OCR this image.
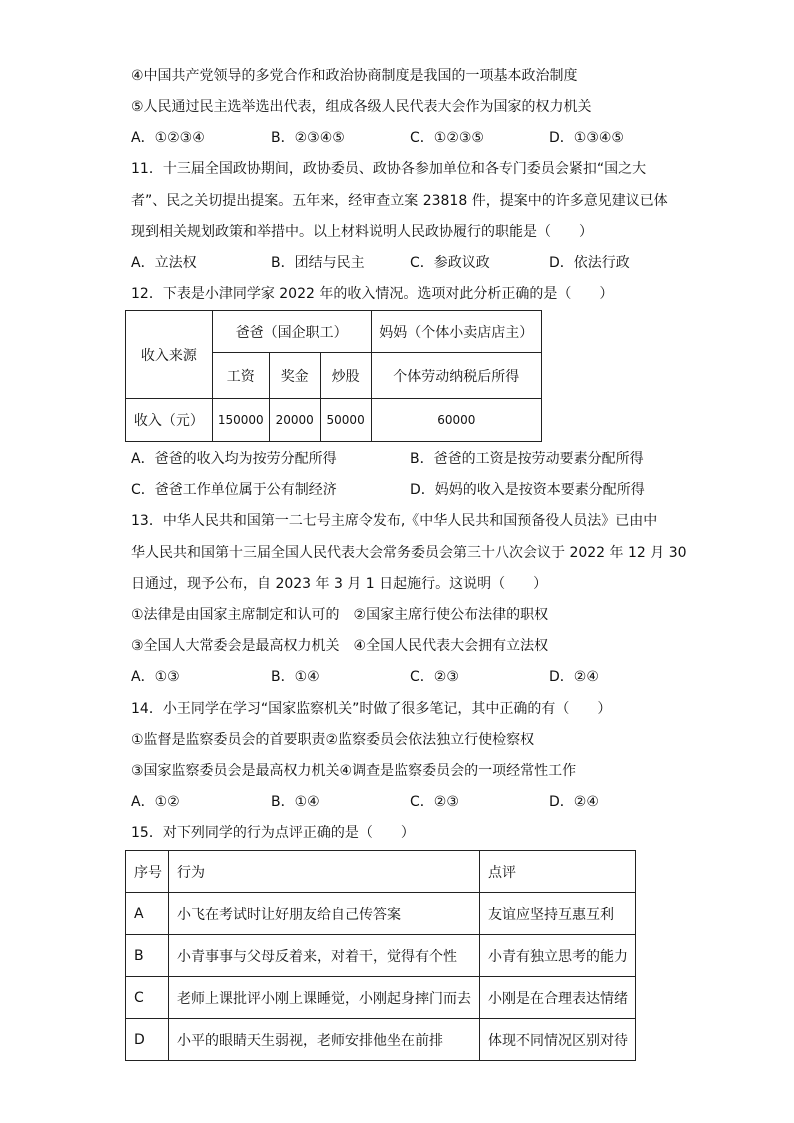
④中国共产党领导的多党合作和政治协商制度是我国的一项基本政治制度
⑤人民通过民主选举选出代表，组成各级人民代表大会作为国家的权力机关
A．①②③④	B．②③④⑤	C．①②③⑤	D．①③④⑤
11．十三届全国政协期间，政协委员、政协各参加单位和各专门委员会紧扣“国之大
者”、民之关切提出提案。五年来，经审查立案 23818 件，提案中的许多意见建议已体
现到相关规划政策和举措中。以上材料说明人民政协履行的职能是（　　）
A．立法权	B．团结与民主	C．参政议政	D．依法行政
12．下表是小津同学家 2022 年的收入情况。选项对此分析正确的是（　　）
收入来源	爸爸（国企职工）			妈妈（个体小卖店店主）
	工资	奖金	炒股	个体劳动纳税后所得
收入（元）	150000	20000	50000	60000
A．爸爸的收入均为按劳分配所得	B．爸爸的工资是按劳动要素分配所得
C．爸爸工作单位属于公有制经济	D．妈妈的收入是按资本要素分配所得
13．中华人民共和国第一二七号主席令发布,《中华人民共和国预备役人员法》已由中
华人民共和国第十三届全国人民代表大会常务委员会第三十八次会议于 2022 年 12 月 30
日通过，现予公布，自 2023 年 3 月 1 日起施行。这说明（　　）
①法律是由国家主席制定和认可的　②国家主席行使公布法律的职权
③全国人大常委会是最高权力机关　④全国人民代表大会拥有立法权
A．①③	B．①④	C．②③	D．②④
14．小王同学在学习“国家监察机关”时做了很多笔记，其中正确的有（　　）
①监督是监察委员会的首要职责②监察委员会依法独立行使检察权
③国家监察委员会是最高权力机关④调查是监察委员会的一项经常性工作
A．①②	B．①④	C．②③	D．②④
15．对下列同学的行为点评正确的是（　　）
序号	行为	点评
A	小飞在考试时让好朋友给自己传答案	友谊应坚持互惠互利
B	小青事事与父母反着来，对着干，觉得有个性	小青有独立思考的能力
C	老师上课批评小刚上课睡觉，小刚起身摔门而去	小刚是在合理表达情绪
D	小平的眼睛天生弱视，老师安排他坐在前排	体现不同情况区别对待
